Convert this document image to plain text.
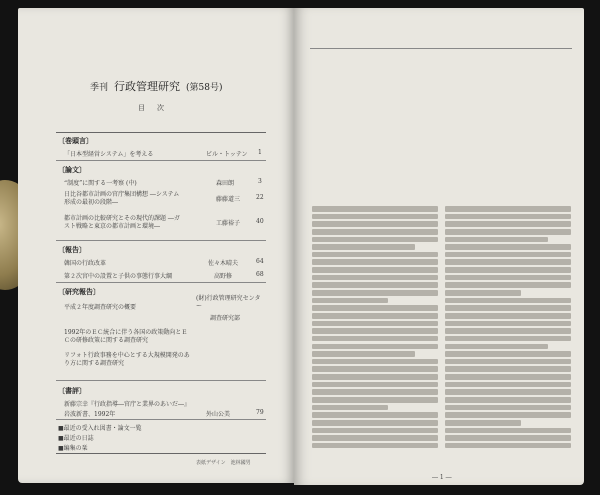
季刊 行政管理研究 (第58号)
目次
〔巻頭言〕
「日本型経営システム」を考える	ビル・トッテン 1
〔論文〕
“制度”に関する一考察 (中)	森田朗	3
日比谷都市計画の官庁集団構想 ―システム形成の最初の段階―	藤藤道三	22
都市計画の比較研究とその現代的課題 ―ガスト戦略と東京の都市計画と環境―	工藤裕子	40
〔報告〕
韓国の行政改革	佐々木晴夫	64
第２次宮中の設置と子供の事態行事大綱	高野修	68
〔研究報告〕
平成２年度調査研究の概要
(財)行政管理研究センター
調査研究部
1992年のＥＣ統合に伴う各国の政策動向とＥＣの研修政策に関する調査研究
リフォト行政事務を中心とする大規模開発のあり方に関する調査研究
〔書評〕
新藤宗幸『行政指導―官庁と業界のあいだ―』
岩波新書、1992年	外山公美	79
■最近の受入れ図書・論文一覧
■最近の日誌
■編集の栞
表紙デザイン　池林國男
― 1 ―
